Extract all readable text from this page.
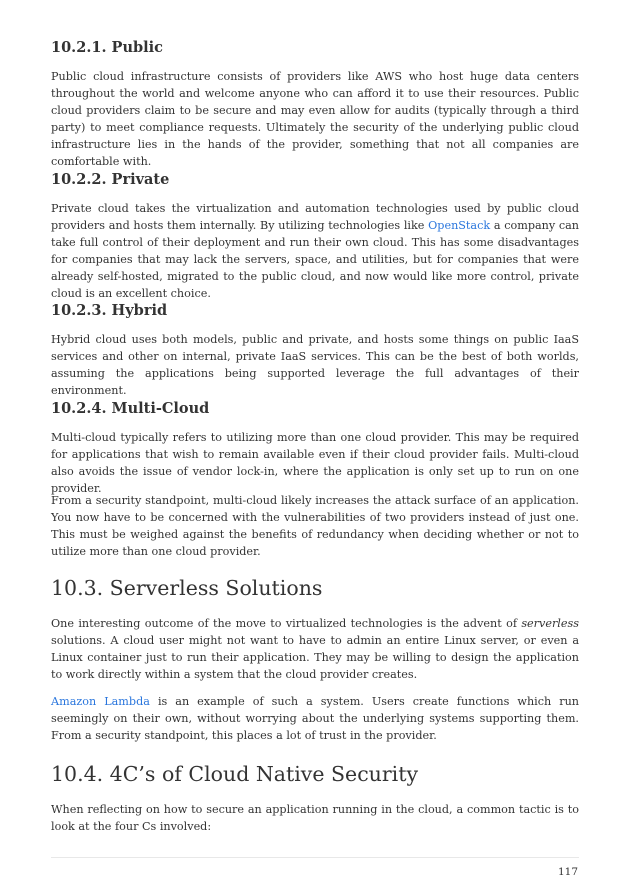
10.2.1. Public

Public cloud infrastructure consists of providers like AWS who host huge data centers throughout the world and welcome anyone who can afford it to use their resources. Public cloud providers claim to be secure and may even allow for audits (typically through a third party) to meet compliance requests. Ultimately the security of the underlying public cloud infrastructure lies in the hands of the provider, something that not all companies are comfortable with.

10.2.2. Private

Private cloud takes the virtualization and automation technologies used by public cloud providers and hosts them internally. By utilizing technologies like OpenStack a company can take full control of their deployment and run their own cloud. This has some disadvantages for companies that may lack the servers, space, and utilities, but for companies that were already self-hosted, migrated to the public cloud, and now would like more control, private cloud is an excellent choice.

10.2.3. Hybrid

Hybrid cloud uses both models, public and private, and hosts some things on public IaaS services and other on internal, private IaaS services. This can be the best of both worlds, assuming the applications being supported leverage the full advantages of their environment.

10.2.4. Multi-Cloud

Multi-cloud typically refers to utilizing more than one cloud provider. This may be required for applications that wish to remain available even if their cloud provider fails. Multi-cloud also avoids the issue of vendor lock-in, where the application is only set up to run on one provider.

From a security standpoint, multi-cloud likely increases the attack surface of an application. You now have to be concerned with the vulnerabilities of two providers instead of just one. This must be weighed against the benefits of redundancy when deciding whether or not to utilize more than one cloud provider.

10.3. Serverless Solutions

One interesting outcome of the move to virtualized technologies is the advent of serverless solutions. A cloud user might not want to have to admin an entire Linux server, or even a Linux container just to run their application. They may be willing to design the application to work directly within a system that the cloud provider creates.

Amazon Lambda is an example of such a system. Users create functions which run seemingly on their own, without worrying about the underlying systems supporting them. From a security standpoint, this places a lot of trust in the provider.

10.4. 4C’s of Cloud Native Security

When reflecting on how to secure an application running in the cloud, a common tactic is to look at the four Cs involved:

117
